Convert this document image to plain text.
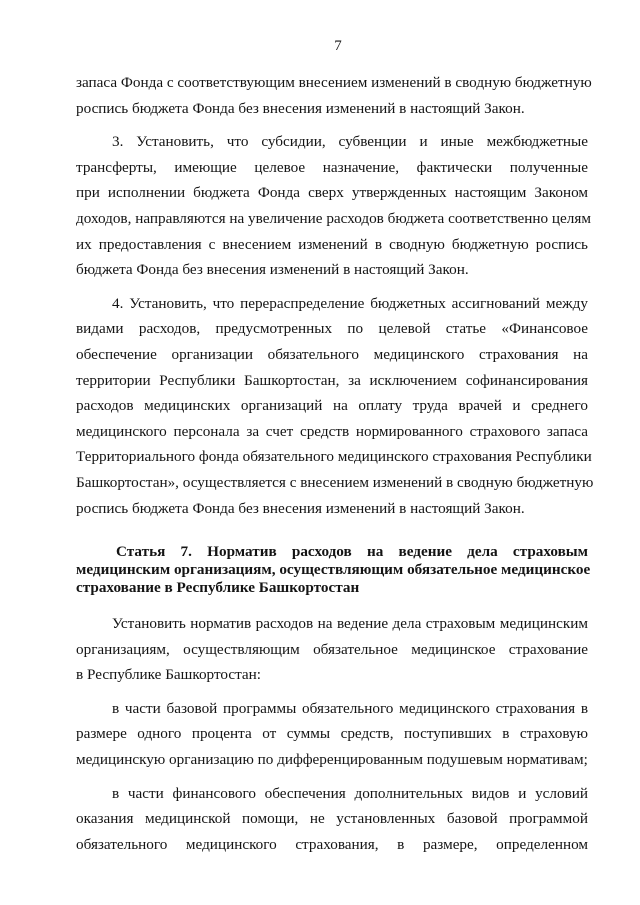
7
запаса Фонда с соответствующим внесением изменений в сводную бюджетную
роспись бюджета Фонда без внесения изменений в настоящий Закон.
3. Установить, что субсидии, субвенции и иные межбюджетные
трансферты, имеющие целевое назначение, фактически полученные
при исполнении бюджета Фонда сверх утвержденных настоящим Законом
доходов, направляются на увеличение расходов бюджета соответственно целям
их предоставления с внесением изменений в сводную бюджетную роспись
бюджета Фонда без внесения изменений в настоящий Закон.
4. Установить, что перераспределение бюджетных ассигнований между
видами расходов, предусмотренных по целевой статье «Финансовое
обеспечение организации обязательного медицинского страхования на
территории Республики Башкортостан, за исключением софинансирования
расходов медицинских организаций на оплату труда врачей и среднего
медицинского персонала за счет средств нормированного страхового запаса
Территориального фонда обязательного медицинского страхования Республики
Башкортостан», осуществляется с внесением изменений в сводную бюджетную
роспись бюджета Фонда без внесения изменений в настоящий Закон.
Статья 7. Норматив расходов на ведение дела страховым
медицинским организациям, осуществляющим обязательное медицинское
страхование в Республике Башкортостан
Установить норматив расходов на ведение дела страховым медицинским
организациям, осуществляющим обязательное медицинское страхование
в Республике Башкортостан:
в части базовой программы обязательного медицинского страхования в
размере одного процента от суммы средств, поступивших в страховую
медицинскую организацию по дифференцированным подушевым нормативам;
в части финансового обеспечения дополнительных видов и условий
оказания медицинской помощи, не установленных базовой программой
обязательного медицинского страхования, в размере, определенном
